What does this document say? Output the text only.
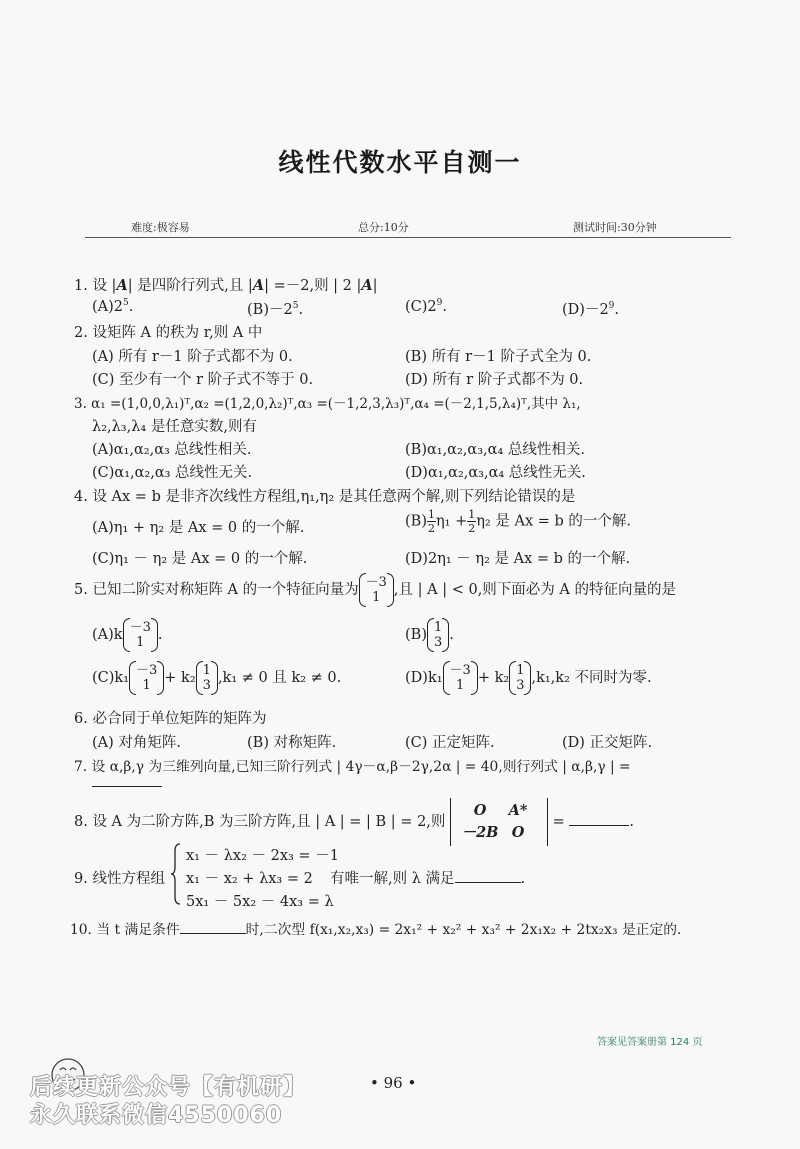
线性代数水平自测一
难度:极容易	总分:10分	测试时间:30分钟
1. 设 |A| 是四阶行列式,且 |A| =－2,则 | 2 |A|
$(A)2^5$.	$(B)-2^5$.	$(C)2^9$.	$(D)-2^9$.
2. 设矩阵 A 的秩为 r,则 A 中
(A) 所有 r－1 阶子式都不为 0.	(B) 所有 r－1 阶子式全为 0.
(C) 至少有一个 r 阶子式不等于 0.	(D) 所有 r 阶子式都不为 0.
3. α₁ =(1,0,0,λ₁)ᵀ,α₂ =(1,2,0,λ₂)ᵀ,α₃ =(－1,2,3,λ₃)ᵀ,α₄ =(－2,1,5,λ₄)ᵀ,其中 λ₁,
λ₂,λ₃,λ₄ 是任意实数,则有
(A)α₁,α₂,α₃ 总线性相关.	(B)α₁,α₂,α₃,α₄ 总线性相关.
(C)α₁,α₂,α₃ 总线性无关.	(D)α₁,α₂,α₃,α₄ 总线性无关.
4. 设 Ax = b 是非齐次线性方程组,η₁,η₂ 是其任意两个解,则下列结论错误的是
(A)η₁ + η₂ 是 Ax = 0 的一个解.	$(B) \frac{1}{2} \eta_1 + \frac{1}{2} \eta_2$ 是 Ax = b 的一个解.
(C)η₁ － η₂ 是 Ax = 0 的一个解.	(D)2η₁ － η₂ 是 Ax = b 的一个解.
5. 已知二阶实对称矩阵 A 的一个特征向量为 －3
1 ,且 | A | < 0,则下面必为 A 的特征向量的是
(A)k －3
1 .	(B) 1
3 .
(C)k₁ －3
1 + k₂ 1
3 ,k₁ ≠ 0 且 k₂ ≠ 0.	(D)k₁ －3
1 + k₂ 1
3 ,k₁,k₂ 不同时为零.
6. 必合同于单位矩阵的矩阵为
(A) 对角矩阵.	(B) 对称矩阵.	(C) 正定矩阵.	(D) 正交矩阵.
7. 设 α,β,γ 为三维列向量,已知三阶行列式 | 4γ－α,β－2γ,2α | = 40,则行列式 | α,β,γ | =
8. 设 A 为二阶方阵,B 为三阶方阵,且 | A | = | B | = 2,则
O A*
－2B O
=	.
9. 线性方程组
x₁ － λx₂ － 2x₃ = －1
x₁ － x₂ + λx₃ = 2
5x₁ － 5x₂ － 4x₃ = λ
有唯一解,则 λ 满足	.
10. 当 t 满足条件	时,二次型 f(x₁,x₂,x₃) = 2x₁² + x₂² + x₃² + 2x₁x₂ + 2tx₂x₃ 是正定的.
答案见答案册第 124 页
• 96 •
后续更新公众号【有机研】
永久联系微信4550060
